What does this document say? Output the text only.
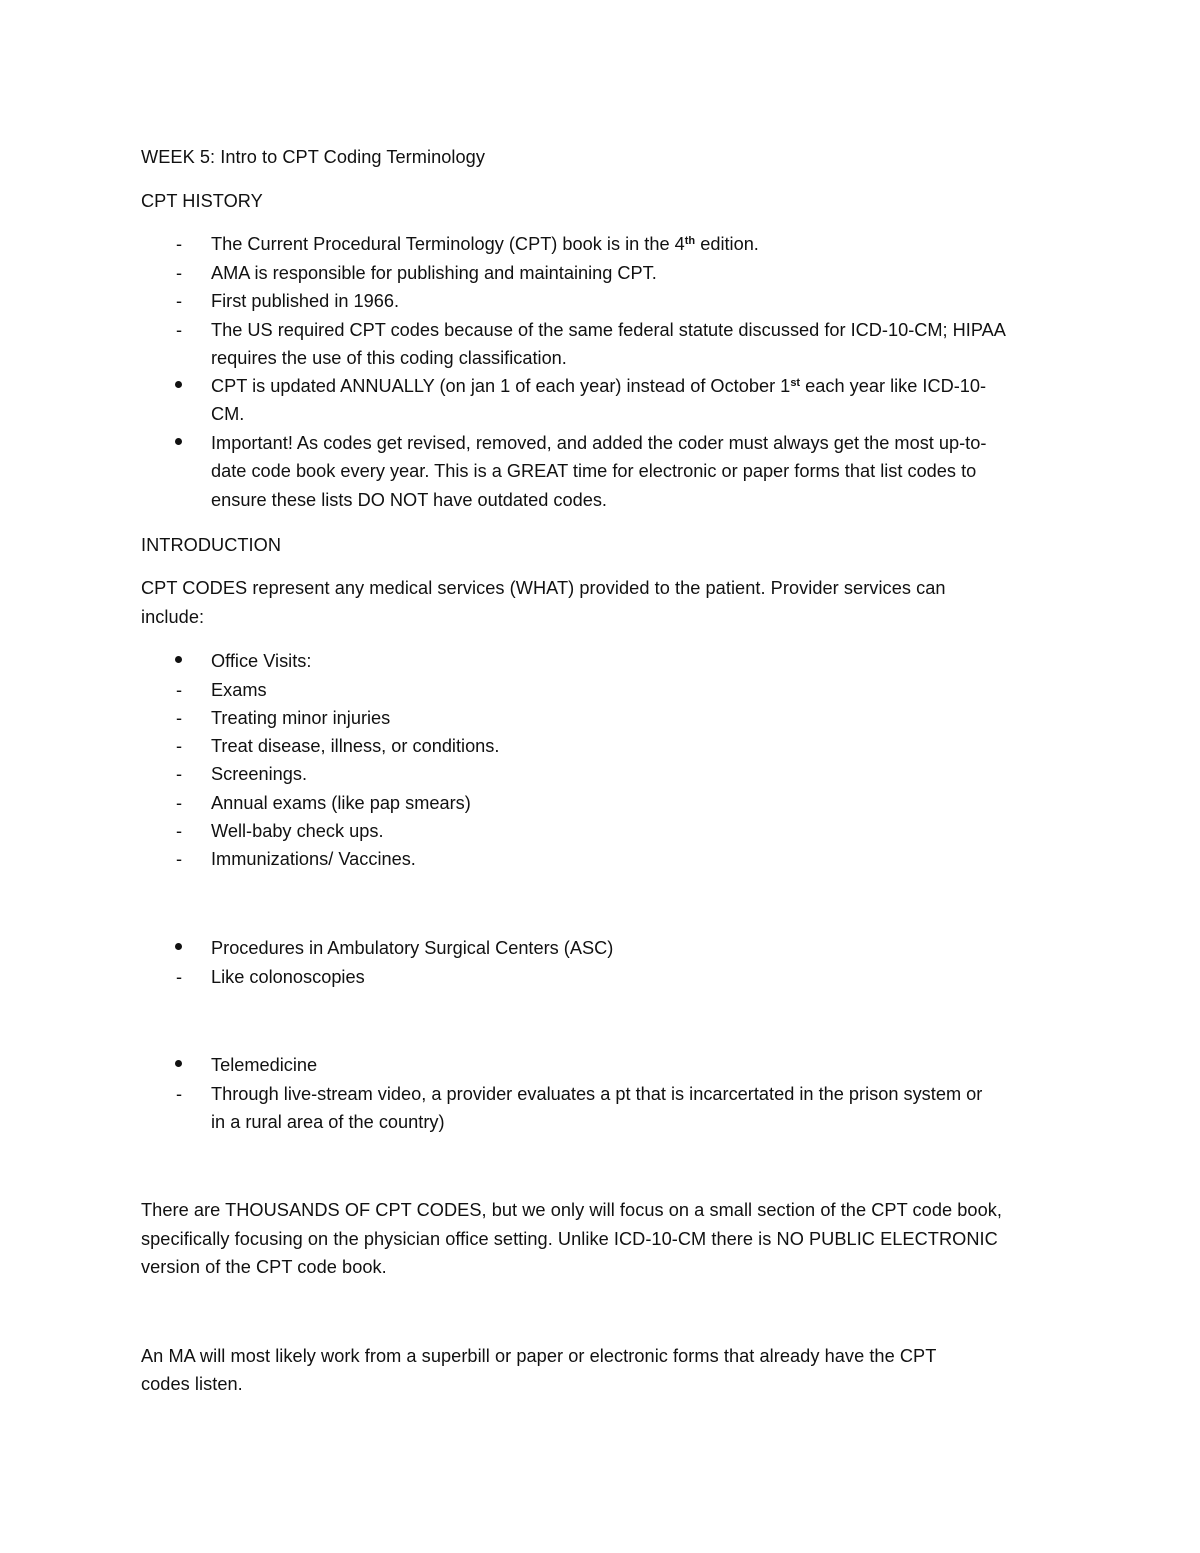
WEEK 5: Intro to CPT Coding Terminology
CPT HISTORY
- The Current Procedural Terminology (CPT) book is in the 4th edition.
- AMA is responsible for publishing and maintaining CPT.
- First published in 1966.
- The US required CPT codes because of the same federal statute discussed for ICD-10-CM; HIPAA
requires the use of this coding classification.
CPT is updated ANNUALLY (on jan 1 of each year) instead of October 1st each year like ICD-10-
CM.
Important! As codes get revised, removed, and added the coder must always get the most up-to-
date code book every year. This is a GREAT time for electronic or paper forms that list codes to
ensure these lists DO NOT have outdated codes.
INTRODUCTION
CPT CODES represent any medical services (WHAT) provided to the patient. Provider services can
include:
Office Visits:
- Exams
- Treating minor injuries
- Treat disease, illness, or conditions.
- Screenings.
- Annual exams (like pap smears)
- Well-baby check ups.
- Immunizations/ Vaccines.
Procedures in Ambulatory Surgical Centers (ASC)
- Like colonoscopies
Telemedicine
- Through live-stream video, a provider evaluates a pt that is incarcertated in the prison system or
in a rural area of the country)
There are THOUSANDS OF CPT CODES, but we only will focus on a small section of the CPT code book,
specifically focusing on the physician office setting. Unlike ICD-10-CM there is NO PUBLIC ELECTRONIC
version of the CPT code book.
An MA will most likely work from a superbill or paper or electronic forms that already have the CPT
codes listen.
